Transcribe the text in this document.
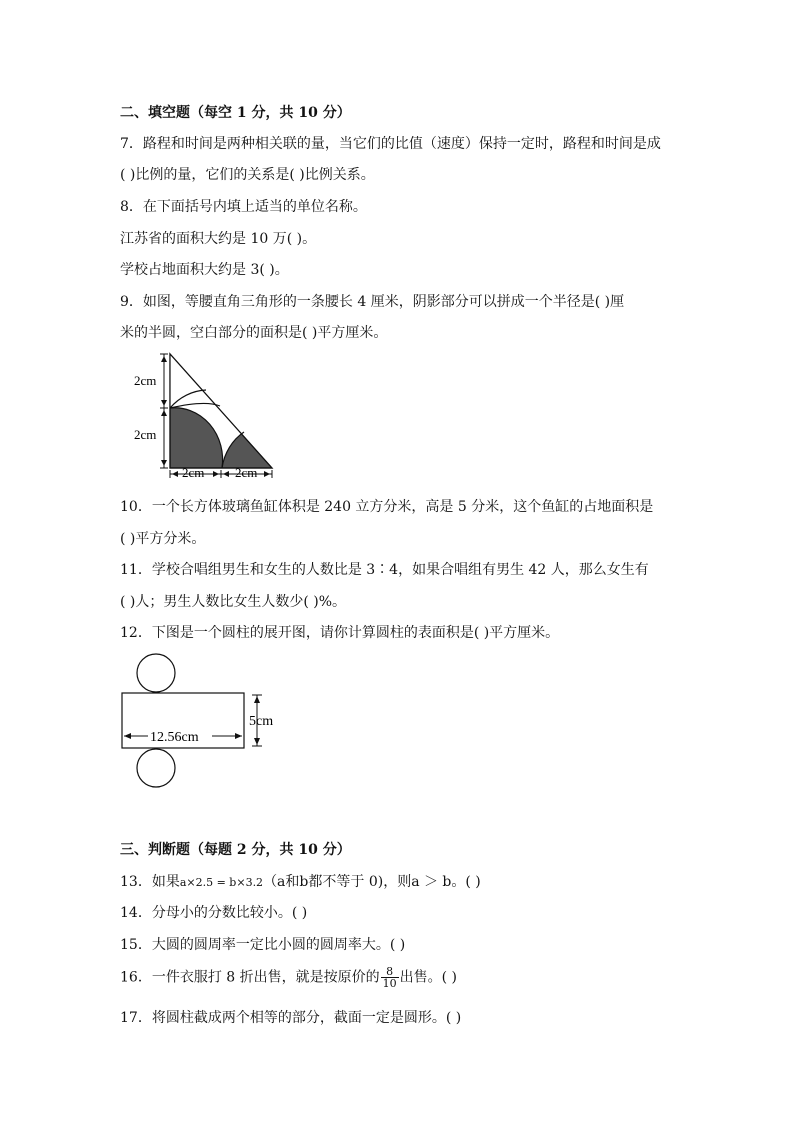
二、填空题（每空 1 分，共 10 分）
7．路程和时间是两种相关联的量，当它们的比值（速度）保持一定时，路程和时间是成
( )比例的量，它们的关系是( )比例关系。
8．在下面括号内填上适当的单位名称。
江苏省的面积大约是 10 万( )。
学校占地面积大约是 3( )。
9．如图，等腰直角三角形的一条腰长 4 厘米，阴影部分可以拼成一个半径是( )厘
米的半圆，空白部分的面积是( )平方厘米。
2cm
2cm
2cm 2cm
10．一个长方体玻璃鱼缸体积是 240 立方分米，高是 5 分米，这个鱼缸的占地面积是
( )平方分米。
11．学校合唱组男生和女生的人数比是 3∶4，如果合唱组有男生 42 人，那么女生有
( )人；男生人数比女生人数少( )%。
12．下图是一个圆柱的展开图，请你计算圆柱的表面积是( )平方厘米。
12.56cm
5cm
三、判断题（每题 2 分，共 10 分）
13．如果a×2.5 = b×3.2（a和b都不等于 0)，则a ＞ b。( )
14．分母小的分数比较小。( )
15．大圆的圆周率一定比小圆的圆周率大。( )
16．一件衣服打 8 折出售，就是按原价的 $\frac{8}{10}$ 出售。( )
17．将圆柱截成两个相等的部分，截面一定是圆形。( )
